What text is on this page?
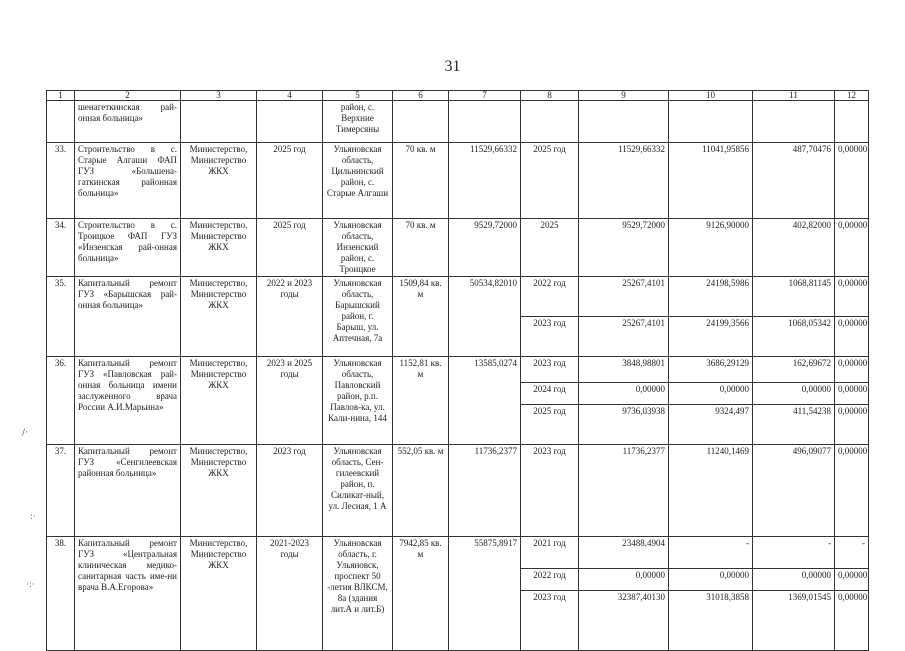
31
1	2	3	4	5	6	7	8	9	10	11	12
	шенагеткинская рай-онная больница»			район, с. Верхние Тимерсяны							
33.	Строительство в с. Старые Алгаши ФАП ГУЗ «Большена-гаткинская районная больница»	Министерство, Министерство ЖКХ	2025 год	Ульяновская область, Цильнинский район, с. Старые Алгаши	70 кв. м	11529,66332	2025 год	11529,66332	11041,95856	487,70476	0,00000
34.	Строительство в с. Троицкое ФАП ГУЗ «Инзенская рай-онная больница»	Министерство, Министерство ЖКХ	2025 год	Ульяновская область, Инзенский район, с. Троицкое	70 кв. м	9529,72000	2025	9529,72000	9126,90000	402,82000	0,00000
35.	Капитальный ремонт ГУЗ «Барышская рай-онная больница»	Министерство, Министерство ЖКХ	2022 и 2023 годы	Ульяновская область, Барышский район, г. Барыш, ул. Аптечная, 7а	1509,84 кв. м	50534,82010	2022 год	25267,4101	24198,5986	1068,81145	0,00000
							2023 год	25267,4101	24199,3566	1068,05342	0,00000
36.	Капитальный ремонт ГУЗ «Павловская рай-онная больница имени заслуженного врача России А.И.Марьина»	Министерство, Министерство ЖКХ	2023 и 2025 годы	Ульяновская область, Павловский район, р.п. Павлов-ка, ул. Кали-нина, 144	1152,81 кв. м	13585,0274	2023 год	3848,98801	3686,29129	162,69672	0,00000
							2024 год	0,00000	0,00000	0,00000	0,00000
							2025 год	9736,03938	9324,497	411,54238	0,00000
37.	Капитальный ремонт ГУЗ «Сенгилеевская районная больница»	Министерство, Министерство ЖКХ	2023 год	Ульяновская область, Сен-гилеевский район, п. Силикат-ный, ул. Лесная, 1 А	552,05 кв. м	11736,2377	2023 год	11736,2377	11240,1469	496,09077	0,00000
38.	Капитальный ремонт ГУЗ «Центральная клиническая медико-санитарная часть име-ни врача В.А.Егорова»	Министерство, Министерство ЖКХ	2021-2023 годы	Ульяновская область, г. Ульяновск, проспект 50 -летия ВЛКСМ, 8а (здания лит.А и лит.Б)	7942,85 кв. м	55875,8917	2021 год	23488,4904	-	-	-
							2022 год	0,00000	0,00000	0,00000	0,00000
							2023 год	32387,40130	31018,3858	1369,01545	0,00000
/·
:·
·:·
